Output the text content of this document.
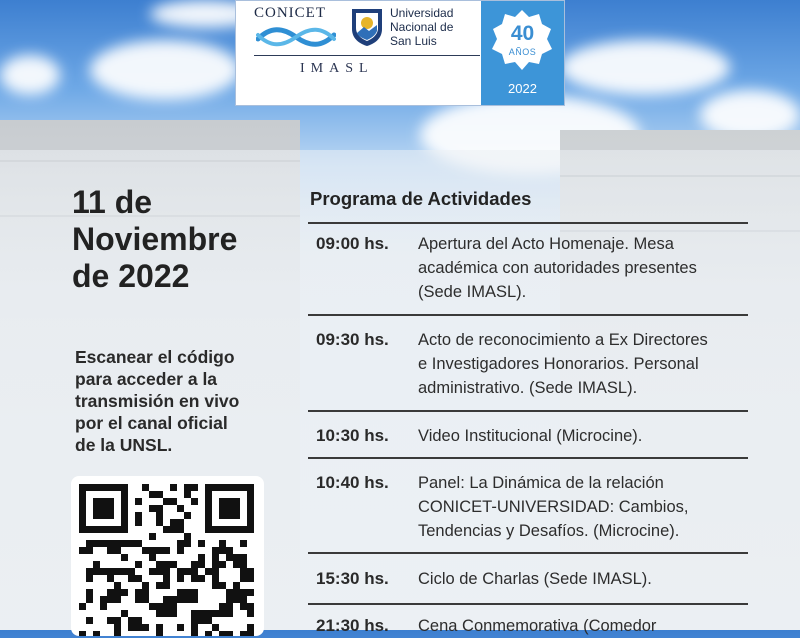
CONICET	Universidad
Nacional de
San Luis
IMASL
40
AÑOS
2022
11 de
Noviembre
de 2022
Escanear el código
para acceder a la
transmisión en vivo
por el canal oficial
de la UNSL.
Programa de Actividades
09:00 hs. Apertura del Acto Homenaje. Mesa
académica con autoridades presentes
(Sede IMASL).
09:30 hs. Acto de reconocimiento a Ex Directores
e Investigadores Honorarios. Personal
administrativo. (Sede IMASL).
10:30 hs. Video Institucional (Microcine).
10:40 hs. Panel: La Dinámica de la relación
CONICET-UNIVERSIDAD: Cambios,
Tendencias y Desafíos. (Microcine).
15:30 hs. Ciclo de Charlas (Sede IMASL).
21:30 hs. Cena Conmemorativa (Comedor
